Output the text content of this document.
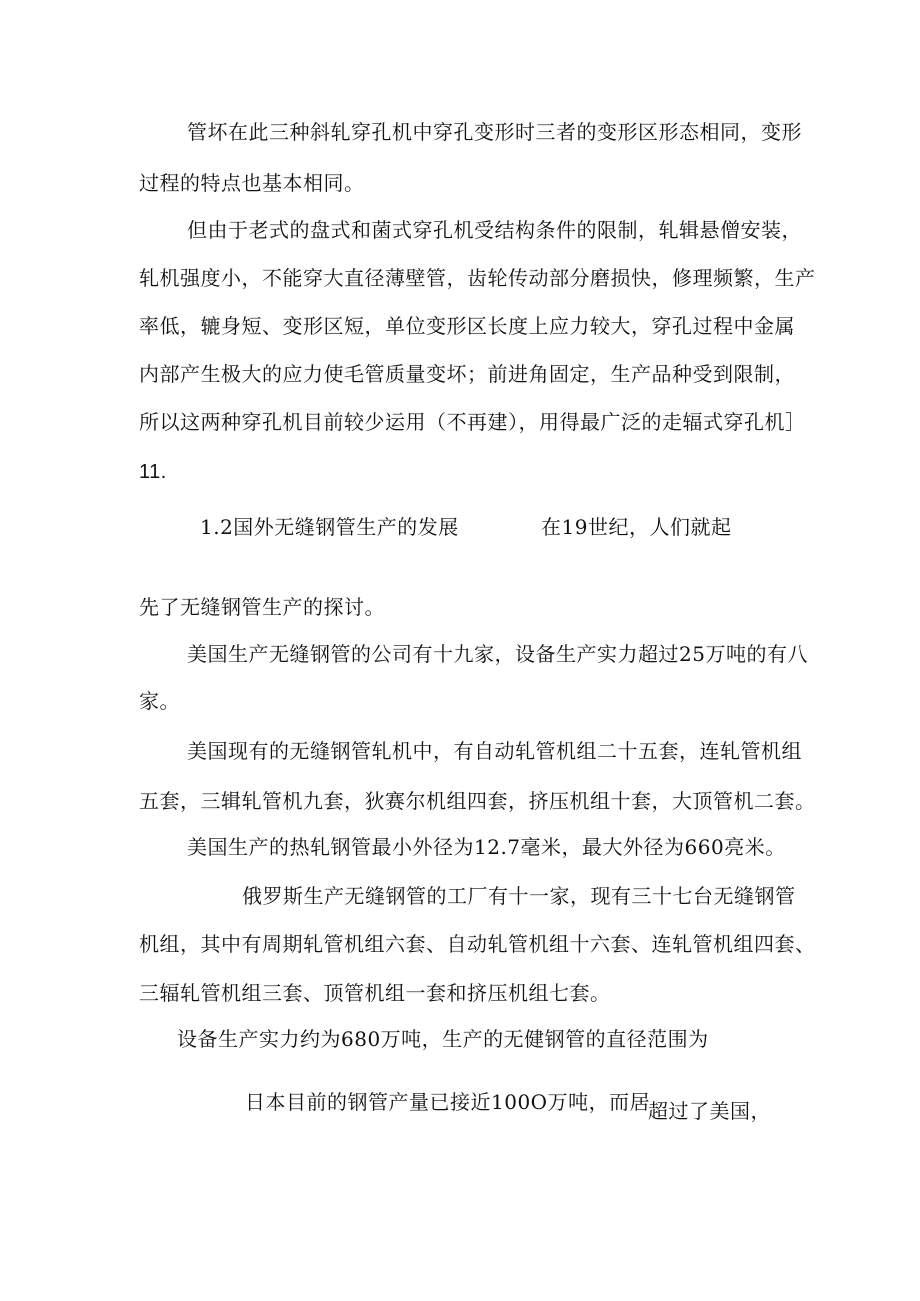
管坏在此三种斜轧穿孔机中穿孔变形时三者的变形区形态相同，变形
过程的特点也基本相同。
但由于老式的盘式和菌式穿孔机受结构条件的限制，轧辑悬僧安装，
轧机强度小，不能穿大直径薄壁管，齿轮传动部分磨损快，修理频繁，生产
率低，辘身短、变形区短，单位变形区长度上应力较大，穿孔过程中金属
内部产生极大的应力使毛管质量变坏；前进角固定，生产品种受到限制，
所以这两种穿孔机目前较少运用（不再建），用得最广泛的走辐式穿孔机］
11.
1.2国外无缝钢管生产的发展	在19世纪，人们就起
先了无缝钢管生产的探讨。
美国生产无缝钢管的公司有十九家，设备生产实力超过25万吨的有八
家。
美国现有的无缝钢管轧机中，有自动轧管机组二十五套，连轧管机组
五套，三辑轧管机九套，狄赛尔机组四套，挤压机组十套，大顶管机二套。
美国生产的热轧钢管最小外径为12.7毫米，最大外径为660亮米。
俄罗斯生产无缝钢管的工厂有十一家，现有三十七台无缝钢管
机组，其中有周期轧管机组六套、自动轧管机组十六套、连轧管机组四套、
三辐轧管机组三套、顶管机组一套和挤压机组七套。
设备生产实力约为680万吨，生产的无健钢管的直径范围为
日本目前的钢管产量已接近100O万吨，而居
超过了美国，
